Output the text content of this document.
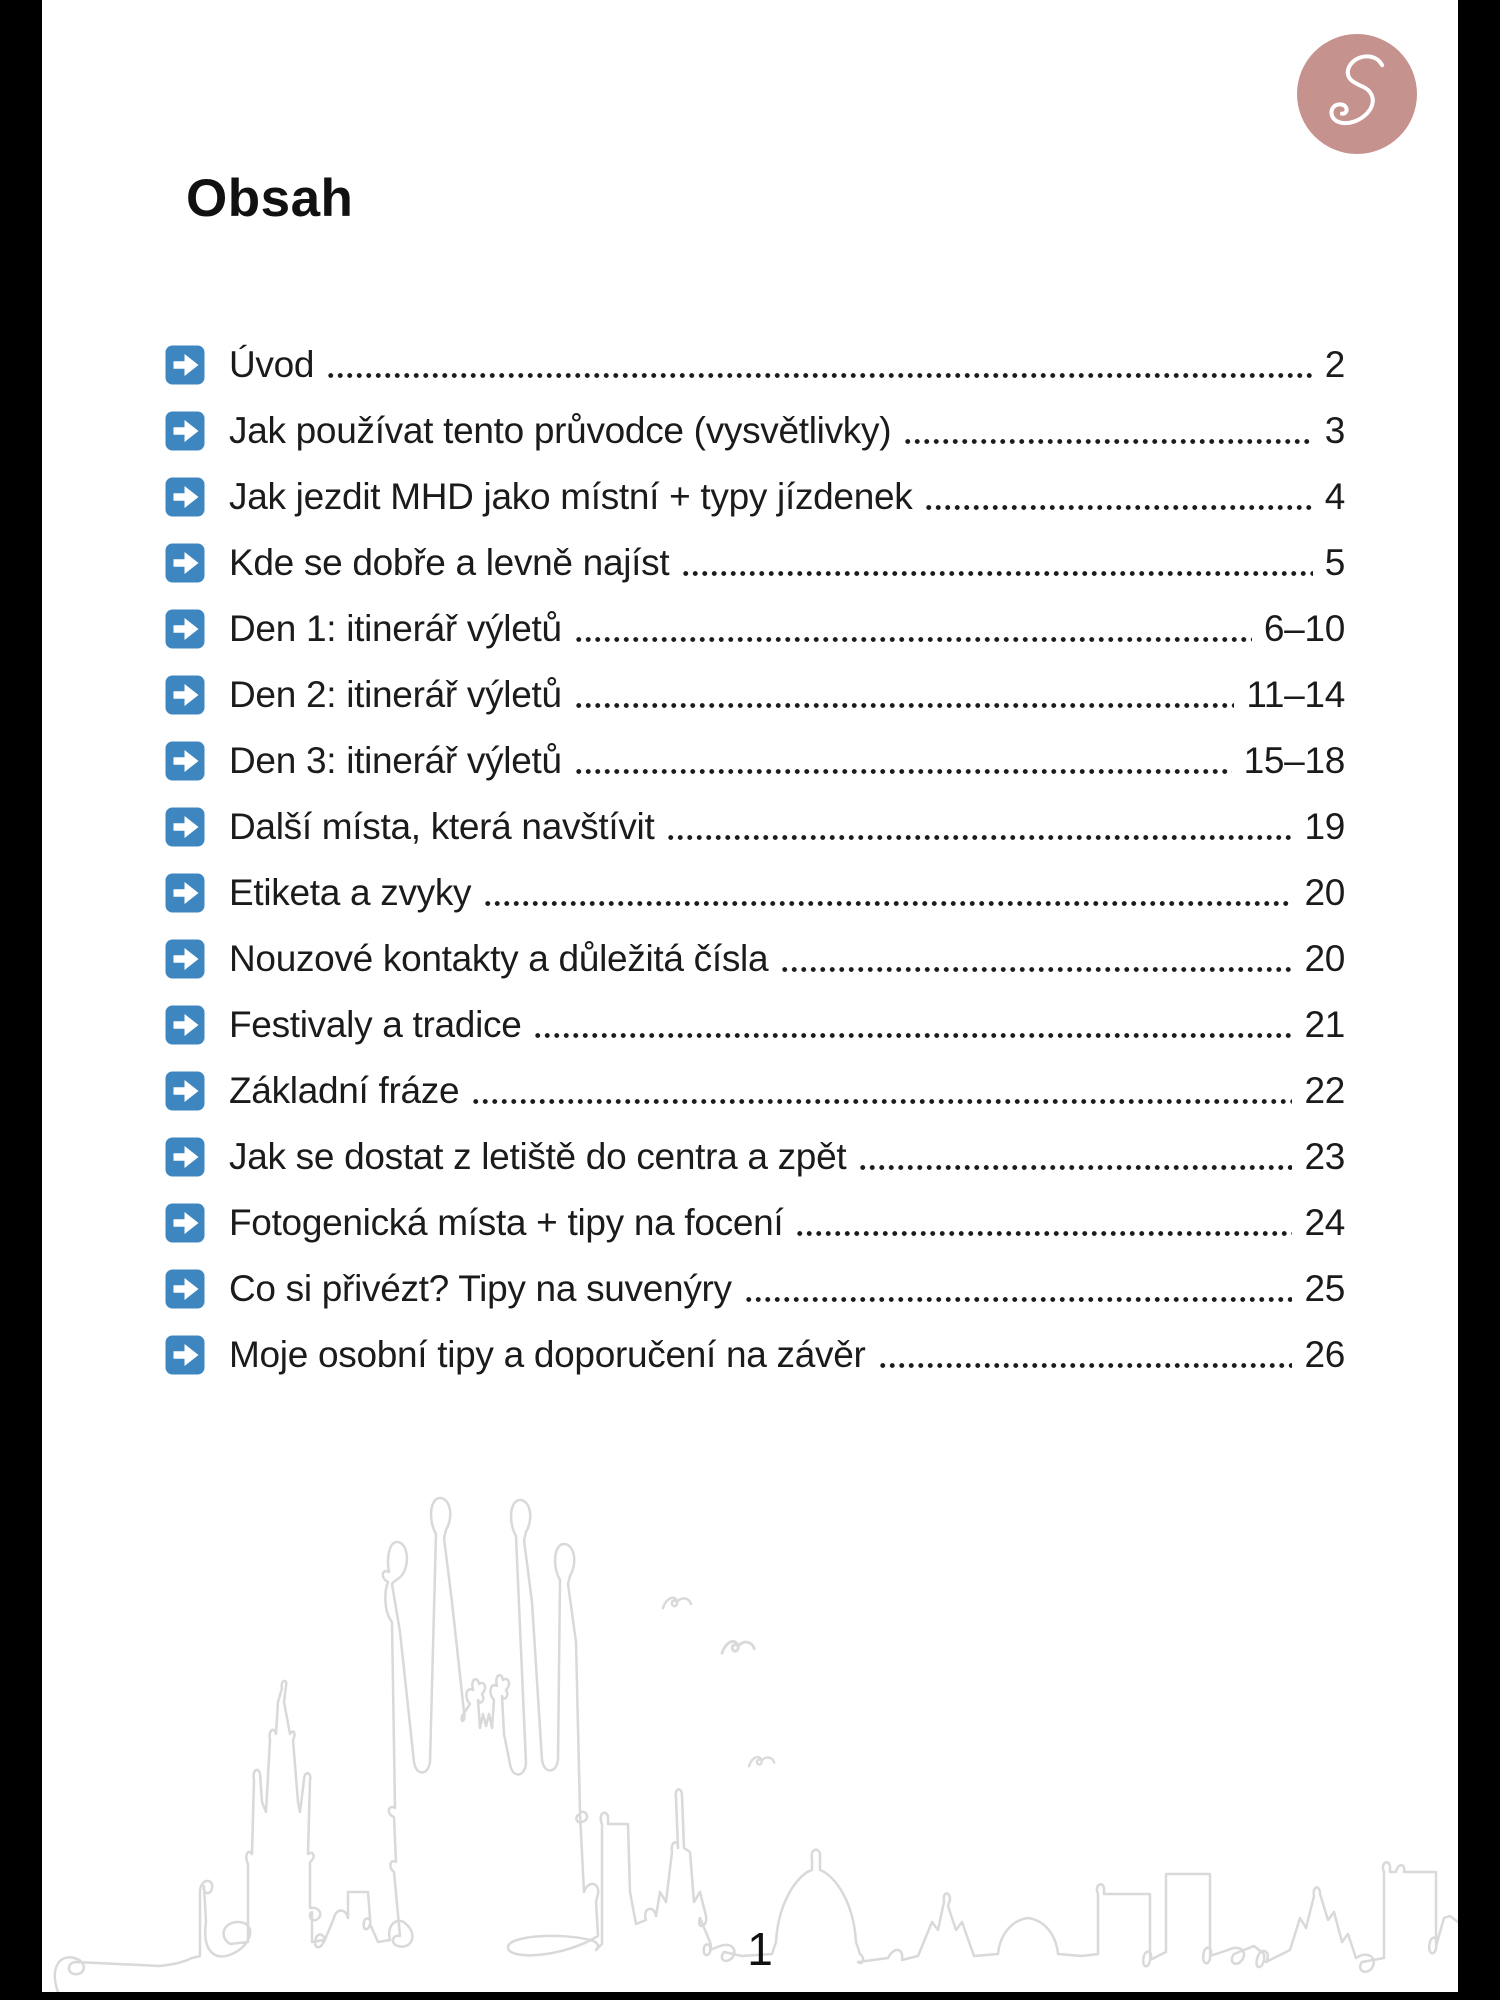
Obsah
Úvod	2
Jak používat tento průvodce (vysvětlivky)	3
Jak jezdit MHD jako místní + typy jízdenek	4
Kde se dobře a levně najíst	5
Den 1: itinerář výletů	6–10
Den 2: itinerář výletů	11–14
Den 3: itinerář výletů	15–18
Další místa, která navštívit	19
Etiketa a zvyky	20
Nouzové kontakty a důležitá čísla	20
Festivaly a tradice	21
Základní fráze	22
Jak se dostat z letiště do centra a zpět	23
Fotogenická místa + tipy na focení	24
Co si přivézt? Tipy na suvenýry	25
Moje osobní tipy a doporučení na závěr	26
1
